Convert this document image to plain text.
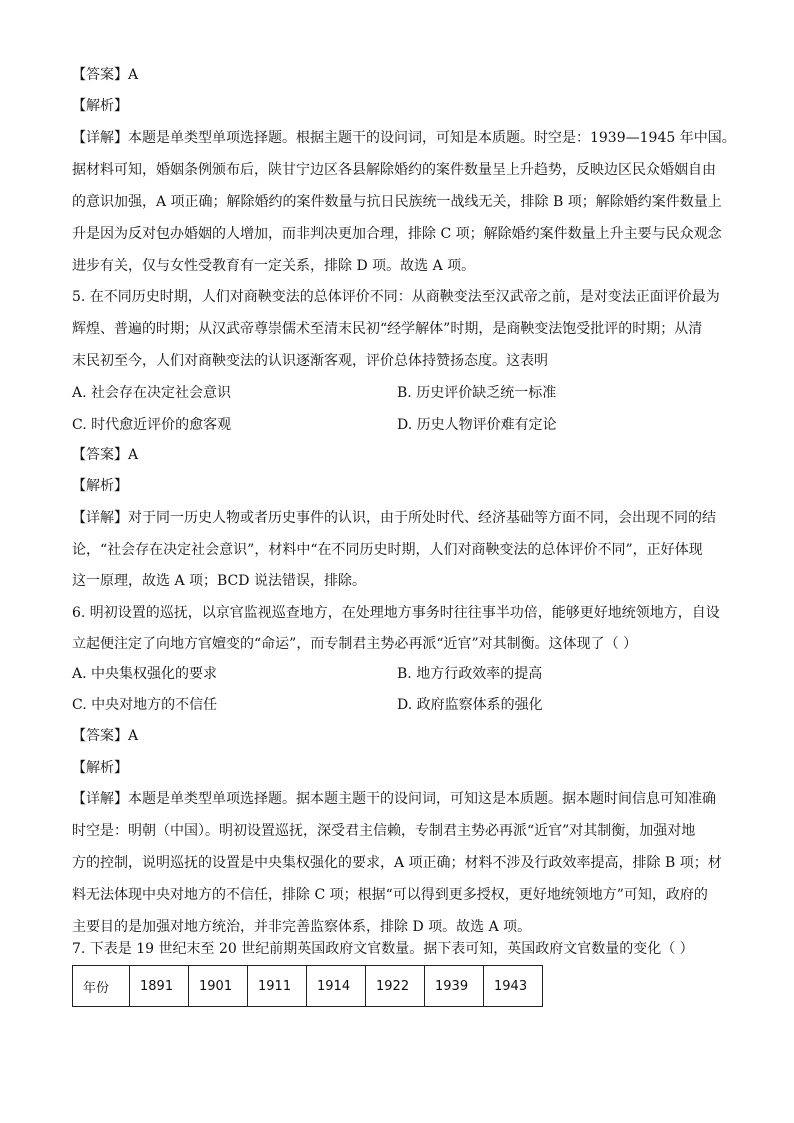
【答案】A
【解析】
【详解】本题是单类型单项选择题。根据主题干的设问词，可知是本质题。时空是：1939—1945 年中国。
据材料可知，婚姻条例颁布后，陕甘宁边区各县解除婚约的案件数量呈上升趋势，反映边区民众婚姻自由
的意识加强，A 项正确；解除婚约的案件数量与抗日民族统一战线无关，排除 B 项；解除婚约案件数量上
升是因为反对包办婚姻的人增加，而非判决更加合理，排除 C 项；解除婚约案件数量上升主要与民众观念
进步有关，仅与女性受教育有一定关系，排除 D 项。故选 A 项。
5. 在不同历史时期，人们对商鞅变法的总体评价不同：从商鞅变法至汉武帝之前，是对变法正面评价最为
辉煌、普遍的时期；从汉武帝尊崇儒术至清末民初“经学解体”时期，是商鞅变法饱受批评的时期；从清
末民初至今，人们对商鞅变法的认识逐渐客观，评价总体持赞扬态度。这表明
A. 社会存在决定社会意识	B. 历史评价缺乏统一标准
C. 时代愈近评价的愈客观	D. 历史人物评价难有定论
【答案】A
【解析】
【详解】对于同一历史人物或者历史事件的认识，由于所处时代、经济基础等方面不同，会出现不同的结
论，“社会存在决定社会意识”，材料中“在不同历史时期，人们对商鞅变法的总体评价不同”，正好体现
这一原理，故选 A 项；BCD 说法错误，排除。
6. 明初设置的巡抚，以京官监视巡查地方，在处理地方事务时往往事半功倍，能够更好地统领地方，自设
立起便注定了向地方官嬗变的“命运”，而专制君主势必再派“近官”对其制衡。这体现了（ ）
A. 中央集权强化的要求	B. 地方行政效率的提高
C. 中央对地方的不信任	D. 政府监察体系的强化
【答案】A
【解析】
【详解】本题是单类型单项选择题。据本题主题干的设问词，可知这是本质题。据本题时间信息可知准确
时空是：明朝（中国）。明初设置巡抚，深受君主信赖，专制君主势必再派“近官”对其制衡，加强对地
方的控制，说明巡抚的设置是中央集权强化的要求，A 项正确；材料不涉及行政效率提高，排除 B 项；材
料无法体现中央对地方的不信任，排除 C 项；根据“可以得到更多授权，更好地统领地方”可知，政府的
主要目的是加强对地方统治，并非完善监察体系，排除 D 项。故选 A 项。
7. 下表是 19 世纪末至 20 世纪前期英国政府文官数量。据下表可知，英国政府文官数量的变化（ ）
年份	1891	1901	1911	1914	1922	1939	1943
